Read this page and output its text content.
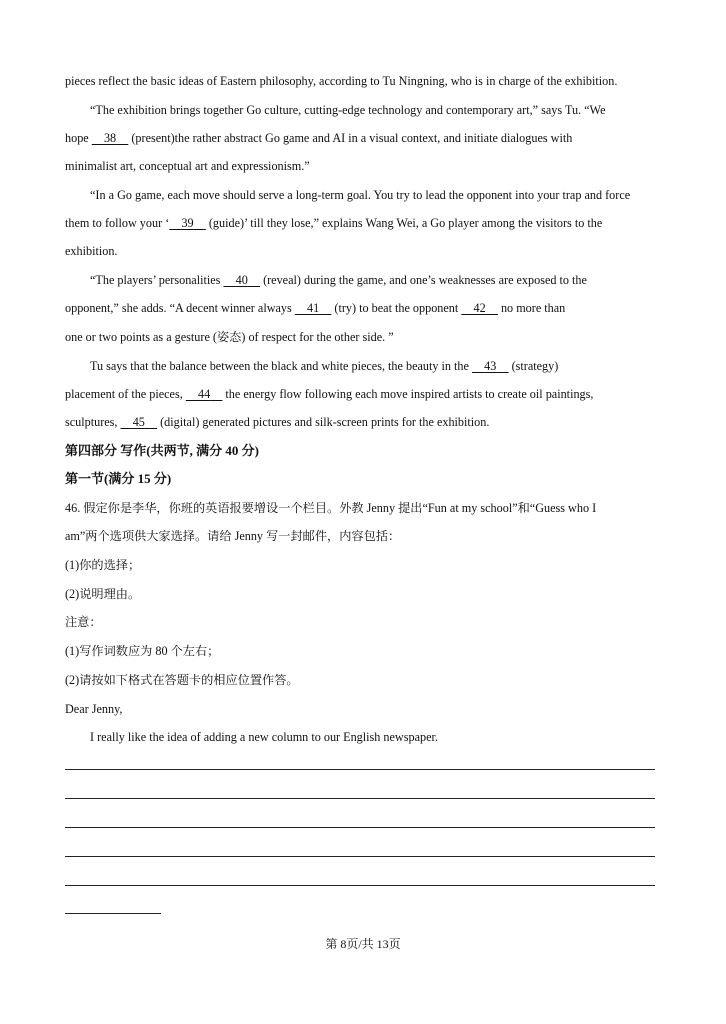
pieces reflect the basic ideas of Eastern philosophy, according to Tu Ningning, who is in charge of the exhibition.
“The exhibition brings together Go culture, cutting-edge technology and contemporary art,” says Tu. “We
hope 38 (present)the rather abstract Go game and AI in a visual context, and initiate dialogues with
minimalist art, conceptual art and expressionism.”
“In a Go game, each move should serve a long-term goal. You try to lead the opponent into your trap and force
them to follow your ‘ 39 (guide)’ till they lose,” explains Wang Wei, a Go player among the visitors to the
exhibition.
“The players’ personalities 40 (reveal) during the game, and one’s weaknesses are exposed to the
opponent,” she adds. “A decent winner always 41 (try) to beat the opponent 42 no more than
one or two points as a gesture (姿态) of respect for the other side. ”
Tu says that the balance between the black and white pieces, the beauty in the 43 (strategy)
placement of the pieces, 44 the energy flow following each move inspired artists to create oil paintings,
sculptures, 45 (digital) generated pictures and silk-screen prints for the exhibition.
第四部分 写作(共两节, 满分 40 分)
第一节(满分 15 分)
46. 假定你是李华，你班的英语报要增设一个栏目。外教 Jenny 提出“Fun at my school”和“Guess who I
am”两个选项供大家选择。请给 Jenny 写一封邮件，内容包括：
(1)你的选择；
(2)说明理由。
注意：
(1)写作词数应为 80 个左右；
(2)请按如下格式在答题卡的相应位置作答。
Dear Jenny,
I really like the idea of adding a new column to our English newspaper.
第 8页/共 13页
